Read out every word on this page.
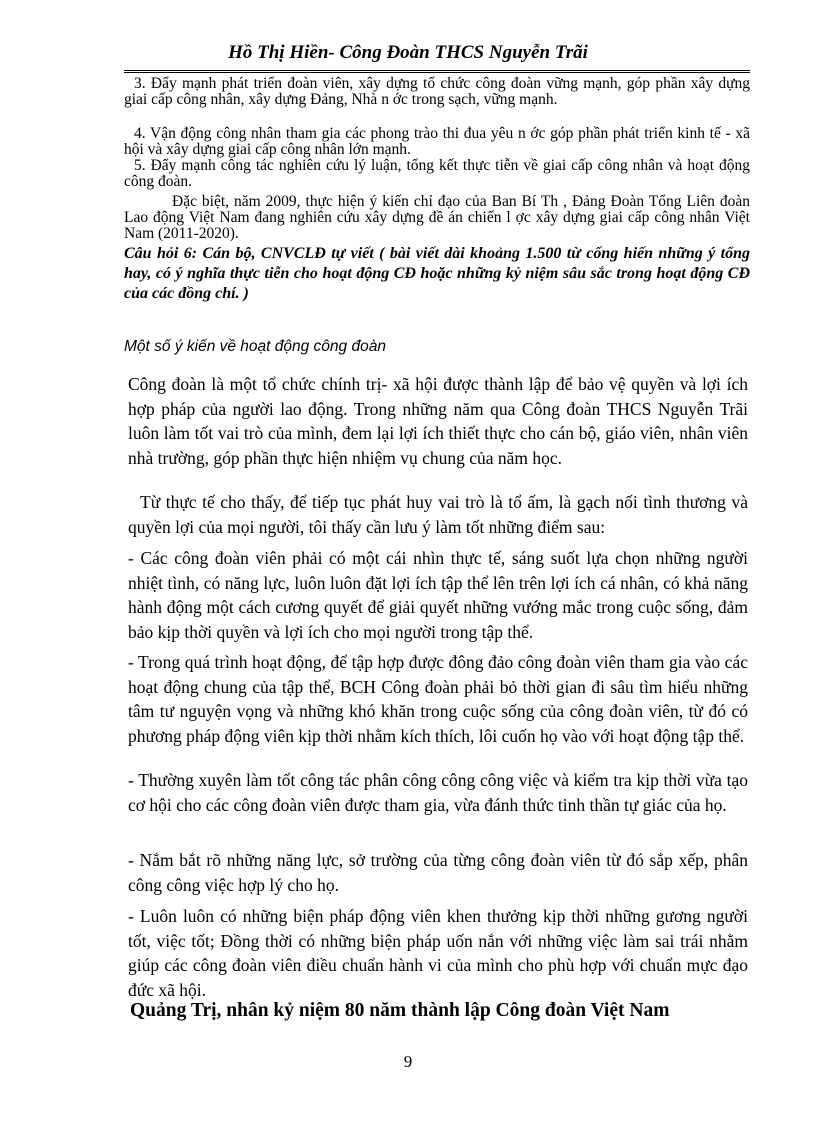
Hồ Thị Hiền- Công Đoàn THCS Nguyễn Trãi

3. Đẩy mạnh phát triển đoàn viên, xây dựng tổ chức công đoàn vững mạnh, góp phần xây dựng giai cấp công nhân, xây dựng Đảng, Nhà n ớc trong sạch, vững mạnh.

4. Vận động công nhân tham gia các phong trào thi đua yêu n ớc góp phần phát triển kinh tế - xã hội và xây dựng giai cấp công nhân lớn mạnh.

5. Đẩy mạnh công tác nghiên cứu lý luận, tổng kết thực tiễn về giai cấp công nhân và hoạt động công đoàn.

Đặc biệt, năm 2009, thực hiện ý kiến chỉ đạo của Ban Bí Th , Đảng Đoàn Tổng Liên đoàn Lao động Việt Nam đang nghiên cứu xây dựng đề án chiến l ợc xây dựng giai cấp công nhân Việt Nam (2011-2020).

Câu hỏi 6: Cán bộ, CNVCLĐ tự viết ( bài viết dài khoảng 1.500 từ cống hiến những ý tổng hay, có ý nghĩa thực tiễn cho hoạt động CĐ hoặc những kỷ niệm sâu sắc trong hoạt động CĐ của các đồng chí. )

Một số ý kiến về hoạt động công đoàn

Công đoàn là một tổ chức chính trị- xã hội được thành lập để bảo vệ quyền và lợi ích hợp pháp của người lao động. Trong những năm qua Công đoàn THCS Nguyễn Trãi luôn làm tốt vai trò của mình, đem lại lợi ích thiết thực cho cán bộ, giáo viên, nhân viên nhà trường, góp phần thực hiện nhiệm vụ chung của năm học.

Từ thực tế cho thấy, để tiếp tục phát huy vai trò là tổ ấm, là gạch nối tình thương và quyền lợi của mọi người, tôi thấy cần lưu ý làm tốt những điểm sau:

- Các công đoàn viên phải có một cái nhìn thực tế, sáng suốt lựa chọn những người nhiệt tình, có năng lực, luôn luôn đặt lợi ích tập thể lên trên lợi ích cá nhân, có khả năng hành động một cách cương quyết để giải quyết những vướng mắc trong cuộc sống, đảm bảo kịp thời quyền và lợi ích cho mọi người trong tập thể.

- Trong quá trình hoạt động, để tập hợp được đông đảo công đoàn viên tham gia vào các hoạt động chung của tập thể, BCH Công đoàn phải bỏ thời gian đi sâu tìm hiểu những tâm tư nguyện vọng và những khó khăn trong cuộc sống của công đoàn viên, từ đó có phương pháp động viên kịp thời nhằm kích thích, lôi cuốn họ vào với hoạt động tập thể.

- Thường xuyên làm tốt công tác phân công công công việc và kiểm tra kịp thời vừa tạo cơ hội cho các công đoàn viên được tham gia, vừa đánh thức tinh thần tự giác của họ.

- Nắm bắt rõ những năng lực, sở trường của từng công đoàn viên từ đó sắp xếp, phân công công việc hợp lý cho họ.

- Luôn luôn có những biện pháp động viên khen thưởng kịp thời những gương người tốt, việc tốt; Đồng thời có những biện pháp uốn nắn với những việc làm sai trái nhằm giúp các công đoàn viên điều chuẩn hành vi của mình cho phù hợp với chuẩn mực đạo đức xã hội.

Quảng Trị, nhân kỷ niệm 80 năm thành lập Công đoàn Việt Nam
9
